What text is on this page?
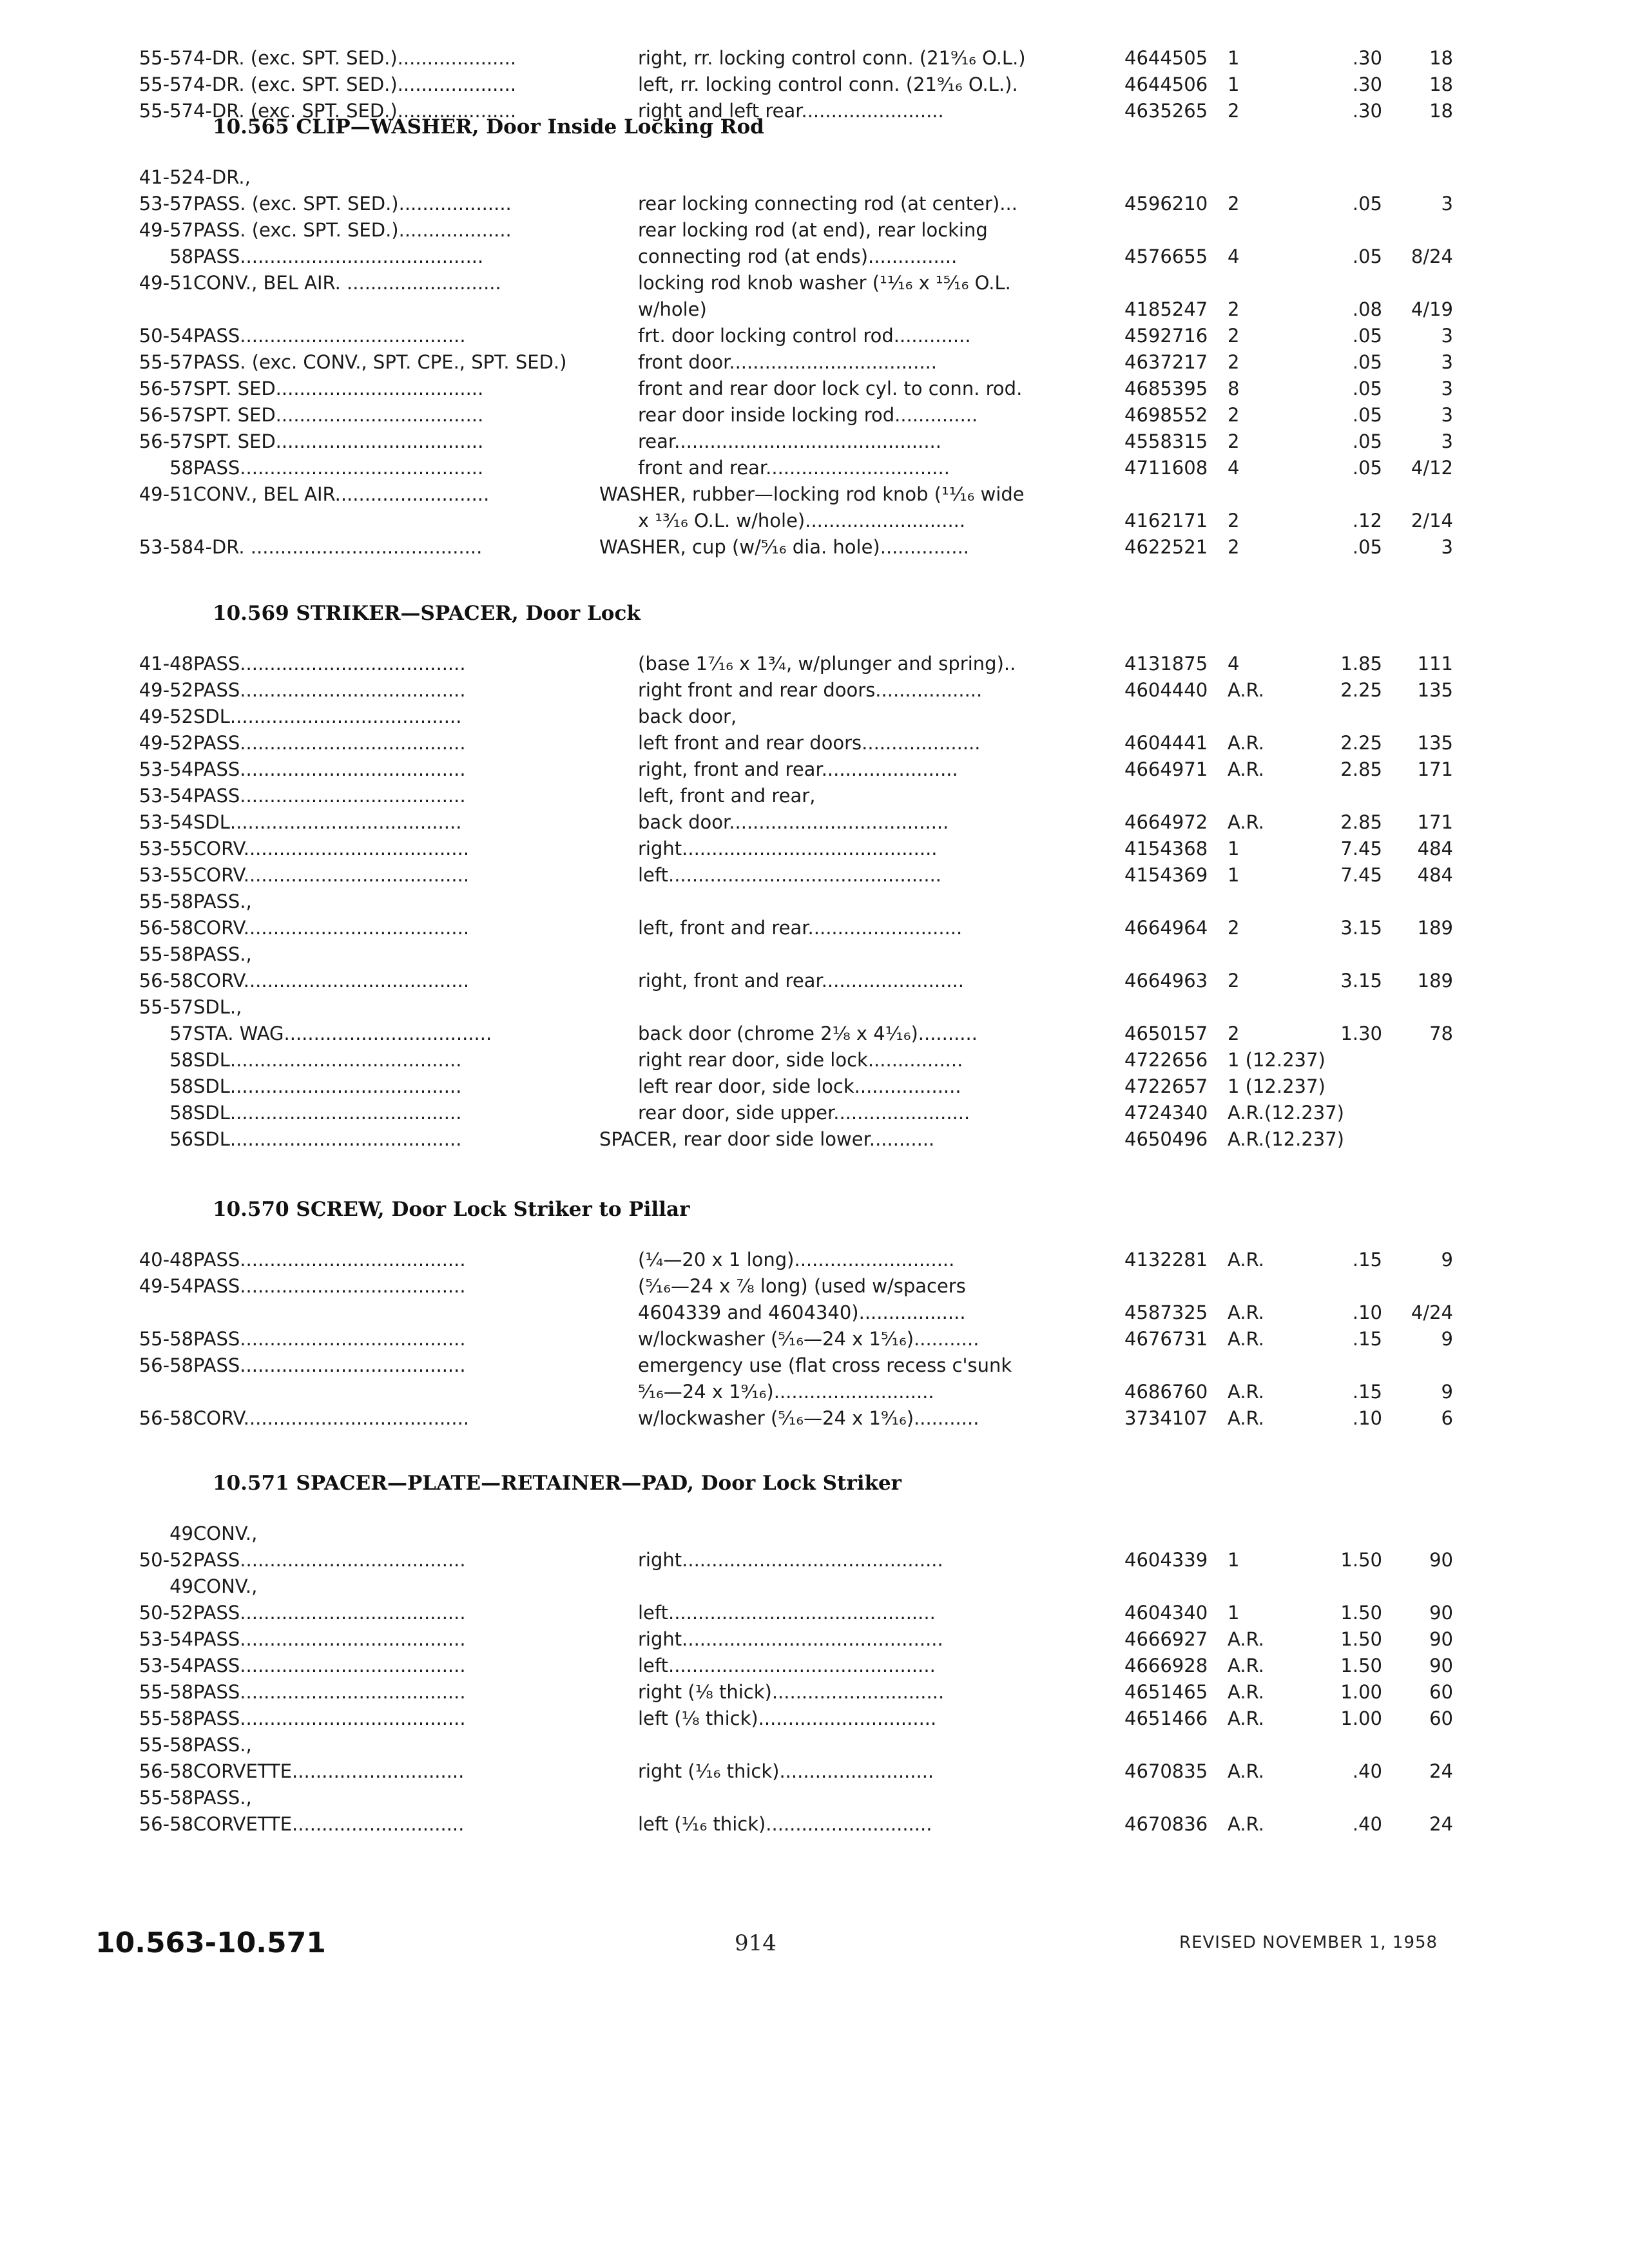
55-57 4-DR. (exc. SPT. SED.)....................	right, rr. locking control conn. (21⁹⁄₁₆ O.L.)	4644505	1	.30	18
55-57 4-DR. (exc. SPT. SED.)....................	left, rr. locking control conn. (21⁹⁄₁₆ O.L.).	4644506	1	.30	18
55-57 4-DR. (exc. SPT. SED.)....................	right and left rear........................	4635265	2	.30	18
10.565 CLIP—WASHER, Door Inside Locking Rod
41-52 4-DR.,
53-57 PASS. (exc. SPT. SED.)...................	rear locking connecting rod (at center)...	4596210	2	.05	3
49-57 PASS. (exc. SPT. SED.)...................	rear locking rod (at end), rear locking
58 PASS.........................................	connecting rod (at ends)...............	4576655	4	.05	8/24
49-51 CONV., BEL AIR. ..........................	locking rod knob washer (¹¹⁄₁₆ x ¹⁵⁄₁₆ O.L.
w/hole)	4185247	2	.08	4/19
50-54 PASS......................................	frt. door locking control rod.............	4592716	2	.05	3
55-57 PASS. (exc. CONV., SPT. CPE., SPT. SED.)	front door...................................	4637217	2	.05	3
56-57 SPT. SED...................................	front and rear door lock cyl. to conn. rod.	4685395	8	.05	3
56-57 SPT. SED...................................	rear door inside locking rod..............	4698552	2	.05	3
56-57 SPT. SED...................................	rear.............................................	4558315	2	.05	3
58 PASS.........................................	front and rear...............................	4711608	4	.05	4/12
49-51 CONV., BEL AIR..........................	WASHER, rubber—locking rod knob (¹¹⁄₁₆ wide
x ¹³⁄₁₆ O.L. w/hole)...........................	4162171	2	.12	2/14
53-58 4-DR. .......................................	WASHER, cup (w/⁵⁄₁₆ dia. hole)...............	4622521	2	.05	3
10.569 STRIKER—SPACER, Door Lock
41-48 PASS......................................	(base 1⁷⁄₁₆ x 1³⁄₄, w/plunger and spring)..	4131875	4	1.85	111
49-52 PASS......................................	right front and rear doors..................	4604440	A.R.	2.25	135
49-52 SDL.......................................	back door,
49-52 PASS......................................	left front and rear doors....................	4604441	A.R.	2.25	135
53-54 PASS......................................	right, front and rear.......................	4664971	A.R.	2.85	171
53-54 PASS......................................	left, front and rear,
53-54 SDL.......................................	back door.....................................	4664972	A.R.	2.85	171
53-55 CORV......................................	right...........................................	4154368	1	7.45	484
53-55 CORV......................................	left..............................................	4154369	1	7.45	484
55-58 PASS.,
56-58 CORV......................................	left, front and rear..........................	4664964	2	3.15	189
55-58 PASS.,
56-58 CORV......................................	right, front and rear........................	4664963	2	3.15	189
55-57 SDL.,
57 STA. WAG...................................	back door (chrome 2¹⁄₈ x 4¹⁄₁₆)..........	4650157	2	1.30	78
58 SDL.......................................	right rear door, side lock................	4722656	1 (12.237)
58 SDL.......................................	left rear door, side lock..................	4722657	1 (12.237)
58 SDL.......................................	rear door, side upper.......................	4724340	A.R.(12.237)
56 SDL.......................................	SPACER, rear door side lower...........	4650496	A.R.(12.237)
10.570 SCREW, Door Lock Striker to Pillar
40-48 PASS......................................	(¹⁄₄—20 x 1 long)...........................	4132281	A.R.	.15	9
49-54 PASS......................................	(⁵⁄₁₆—24 x ⁷⁄₈ long) (used w/spacers
4604339 and 4604340)..................	4587325	A.R.	.10	4/24
55-58 PASS......................................	w/lockwasher (⁵⁄₁₆—24 x 1⁵⁄₁₆)...........	4676731	A.R.	.15	9
56-58 PASS......................................	emergency use (flat cross recess c'sunk
⁵⁄₁₆—24 x 1⁹⁄₁₆)...........................	4686760	A.R.	.15	9
56-58 CORV......................................	w/lockwasher (⁵⁄₁₆—24 x 1⁹⁄₁₆)...........	3734107	A.R.	.10	6
10.571 SPACER—PLATE—RETAINER—PAD, Door Lock Striker
49 CONV.,
50-52 PASS......................................	right............................................	4604339	1	1.50	90
49 CONV.,
50-52 PASS......................................	left.............................................	4604340	1	1.50	90
53-54 PASS......................................	right............................................	4666927	A.R.	1.50	90
53-54 PASS......................................	left.............................................	4666928	A.R.	1.50	90
55-58 PASS......................................	right (¹⁄₈ thick).............................	4651465	A.R.	1.00	60
55-58 PASS......................................	left (¹⁄₈ thick)..............................	4651466	A.R.	1.00	60
55-58 PASS.,
56-58 CORVETTE.............................	right (¹⁄₁₆ thick)..........................	4670835	A.R.	.40	24
55-58 PASS.,
56-58 CORVETTE.............................	left (¹⁄₁₆ thick)............................	4670836	A.R.	.40	24
10.563-10.571	914	REVISED NOVEMBER 1, 1958
